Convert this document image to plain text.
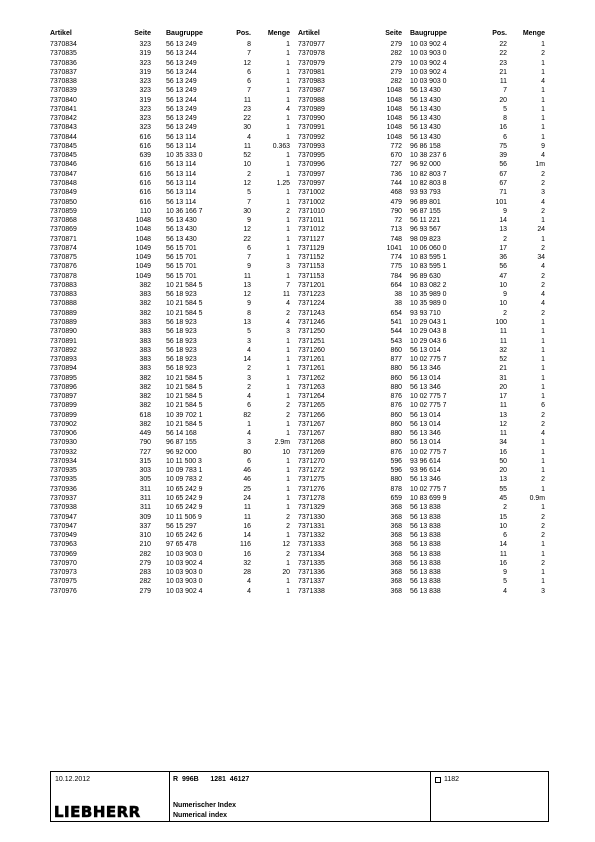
Artikel	Seite Baugruppe	Pos. Menge
7370834	323 56 13 249	8	1
7370835	319 56 13 244	7	1
7370836	323 56 13 249	12	1
7370837	319 56 13 244	6	1
7370838	323 56 13 249	6	1
7370839	323 56 13 249	7	1
7370840	319 56 13 244	11	1
7370841	323 56 13 249	23	4
7370842	323 56 13 249	22	1
7370843	323 56 13 249	30	1
7370844	616 56 13 114	4	1
7370845	616 56 13 114	11	0.363
7370845	639 10 35 333 0	52	1
7370846	616 56 13 114	10	1
7370847	616 56 13 114	2	1
7370848	616 56 13 114	12	1.25
7370849	616 56 13 114	5	1
7370850	616 56 13 114	7	1
7370859	110 10 36 166 7	30	2
7370868	1048 56 13 430	9	1
7370869	1048 56 13 430	12	1
7370871	1048 56 13 430	22	1
7370874	1049 56 15 701	6	1
7370875	1049 56 15 701	7	1
7370876	1049 56 15 701	9	3
7370878	1049 56 15 701	11	1
7370883	382 10 21 584 5	13	7
7370883	383 56 18 923	12	11
7370888	382 10 21 584 5	9	4
7370889	382 10 21 584 5	8	2
7370889	383 56 18 923	13	4
7370890	383 56 18 923	5	3
7370891	383 56 18 923	3	1
7370892	383 56 18 923	4	1
7370893	383 56 18 923	14	1
7370894	383 56 18 923	2	1
7370895	382 10 21 584 5	3	1
7370896	382 10 21 584 5	2	1
7370897	382 10 21 584 5	4	1
7370899	382 10 21 584 5	6	2
7370899	618 10 39 702 1	82	2
7370902	382 10 21 584 5	1	1
7370906	449 56 14 168	4	1
7370930	790 96 87 155	3	2.9m
7370932	727 96 92 000	80	10
7370934	315 10 11 500 3	6	1
7370935	303 10 09 783 1	46	1
7370935	305 10 09 783 2	46	1
7370936	311 10 65 242 9	25	1
7370937	311 10 65 242 9	24	1
7370938	311 10 65 242 9	11	1
7370947	309 10 11 506 9	11	2
7370947	337 56 15 297	16	2
7370949	310 10 65 242 6	14	1
7370963	210 97 65 478	116	12
7370969	282 10 03 903 0	16	2
7370970	279 10 03 902 4	32	1
7370973	283 10 03 903 0	28	20
7370975	282 10 03 903 0	4	1
7370976	279 10 03 902 4	4	1
Artikel	Seite Baugruppe	Pos. Menge
7370977	279 10 03 902 4	22	1
7370978	282 10 03 903 0	22	2
7370979	279 10 03 902 4	23	1
7370981	279 10 03 902 4	21	1
7370983	282 10 03 903 0	11	4
7370987	1048 56 13 430	7	1
7370988	1048 56 13 430	20	1
7370989	1048 56 13 430	5	1
7370990	1048 56 13 430	8	1
7370991	1048 56 13 430	16	1
7370992	1048 56 13 430	6	1
7370993	772 96 86 158	75	9
7370995	670 10 38 237 6	39	4
7370996	727 96 92 000	56	1m
7370997	736 10 82 803 7	67	2
7370997	744 10 82 803 8	67	2
7371002	468 93 93 793	71	3
7371002	479 96 89 801	101	4
7371010	790 96 87 155	9	2
7371011	72 56 11 221	14	1
7371012	713 96 93 567	13	24
7371127	748 98 09 823	2	1
7371129	1041 10 06 060 0	17	2
7371152	774 10 83 595 1	36	34
7371153	775 10 83 595 1	56	4
7371153	784 96 89 630	47	2
7371201	664 10 83 082 2	10	2
7371223	38 10 35 989 0	9	4
7371224	38 10 35 989 0	10	4
7371243	654 93 93 710	2	2
7371246	541 10 29 043 1	100	1
7371250	544 10 29 043 8	11	1
7371251	543 10 29 043 6	11	1
7371260	860 56 13 014	32	1
7371261	877 10 02 775 7	52	1
7371261	880 56 13 346	21	1
7371262	860 56 13 014	31	1
7371263	880 56 13 346	20	1
7371264	876 10 02 775 7	17	1
7371265	876 10 02 775 7	11	6
7371266	860 56 13 014	13	2
7371267	860 56 13 014	12	2
7371267	880 56 13 346	11	4
7371268	860 56 13 014	34	1
7371269	876 10 02 775 7	16	1
7371270	596 93 96 614	50	1
7371272	596 93 96 614	20	1
7371275	880 56 13 346	13	2
7371276	878 10 02 775 7	55	1
7371278	659 10 83 699 9	45	0.9m
7371329	368 56 13 838	2	1
7371330	368 56 13 838	15	2
7371331	368 56 13 838	10	2
7371332	368 56 13 838	6	2
7371333	368 56 13 838	14	1
7371334	368 56 13 838	11	1
7371335	368 56 13 838	16	2
7371336	368 56 13 838	9	1
7371337	368 56 13 838	5	1
7371338	368 56 13 838	4	3
10.12.2012	R  996B      1281  46127
Numerischer Index
Numerical index
1182
LIEBHERR
